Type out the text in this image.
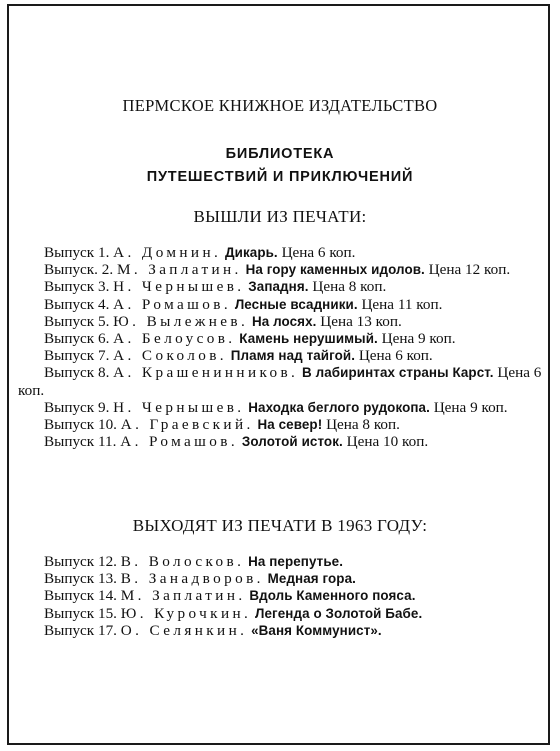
ПЕРМСКОЕ КНИЖНОЕ ИЗДАТЕЛЬСТВО
БИБЛИОТЕКА
ПУТЕШЕСТВИЙ И ПРИКЛЮЧЕНИЙ
ВЫШЛИ ИЗ ПЕЧАТИ:

Выпуск 1. А. Домнин. Дикарь. Цена 6 коп.

Выпуск. 2. М. Заплатин. На гору каменных идолов. Цена 12 коп.

Выпуск 3. Н. Чернышев. Западня. Цена 8 коп.

Выпуск 4. А. Ромашов. Лесные всадники. Цена 11 коп.

Выпуск 5. Ю. Вылежнев. На лосях. Цена 13 коп.

Выпуск 6. А. Белоусов. Камень нерушимый. Цена 9 коп.

Выпуск 7. А. Соколов. Пламя над тайгой. Цена 6 коп.

Выпуск 8. А. Крашенинников. В лабиринтах страны Карст. Цена 6 коп.

Выпуск 9. Н. Чернышев. Находка беглого рудокопа. Цена 9 коп.

Выпуск 10. А. Граевский. На север! Цена 8 коп.

Выпуск 11. А. Ромашов. Золотой исток. Цена 10 коп.

ВЫХОДЯТ ИЗ ПЕЧАТИ В 1963 ГОДУ:

Выпуск 12. В. Волосков. На перепутье.

Выпуск 13. В. Занадворов. Медная гора.

Выпуск 14. М. Заплатин. Вдоль Каменного пояса.

Выпуск 15. Ю. Курочкин. Легенда о Золотой Бабе.

Выпуск 17. О. Селянкин. «Ваня Коммунист».
